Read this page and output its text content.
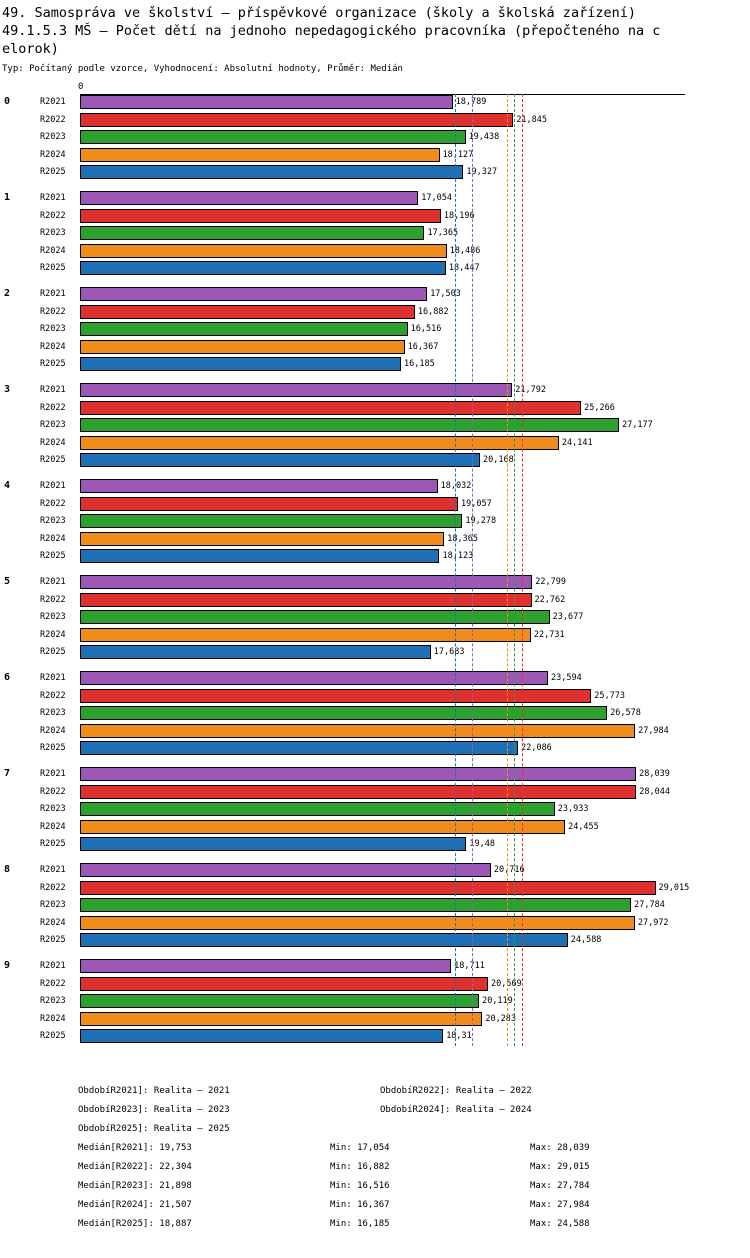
49. Samospráva ve školství – příspěvkové organizace (školy a školská zařízení)
49.1.5.3 MŠ – Počet dětí na jednoho nepedagogického pracovníka (přepočteného na c
elorok)
Typ: Počítaný podle vzorce, Vyhodnocení: Absolutní hodnoty, Průměr: Medián
0
0	R2021	18,789
R2022	21,845
R2023	19,438
R2024	18,127
R2025	19,327
1	R2021	17,054
R2022	18,196
R2023	17,365
R2024	18,486
R2025	18,447
2	R2021	17,503
R2022	16,882
R2023	16,516
R2024	16,367
R2025	16,185
3	R2021	21,792
R2022	25,266
R2023	27,177
R2024	24,141
R2025	20,168
4	R2021	18,032
R2022	19,057
R2023	19,278
R2024	18,365
R2025	18,123
5	R2021	22,799
R2022	22,762
R2023	23,677
R2024	22,731
R2025	17,683
6	R2021	23,594
R2022	25,773
R2023	26,578
R2024	27,984
R2025	22,086
7	R2021	28,039
R2022	28,044
R2023	23,933
R2024	24,455
R2025	19,48
8	R2021	20,716
R2022	29,015
R2023	27,784
R2024	27,972
R2025	24,588
9	R2021	18,711
R2022	20,569
R2023	20,119
R2024	20,283
R2025	18,31
ObdobíR2021]: Realita – 2021	ObdobíR2022]: Realita – 2022
ObdobíR2023]: Realita – 2023	ObdobíR2024]: Realita – 2024
ObdobíR2025]: Realita – 2025
Medián[R2021]: 19,753	Min: 17,054	Max: 28,039
Medián[R2022]: 22,304	Min: 16,882	Max: 29,015
Medián[R2023]: 21,898	Min: 16,516	Max: 27,784
Medián[R2024]: 21,507	Min: 16,367	Max: 27,984
Medián[R2025]: 18,887	Min: 16,185	Max: 24,588
